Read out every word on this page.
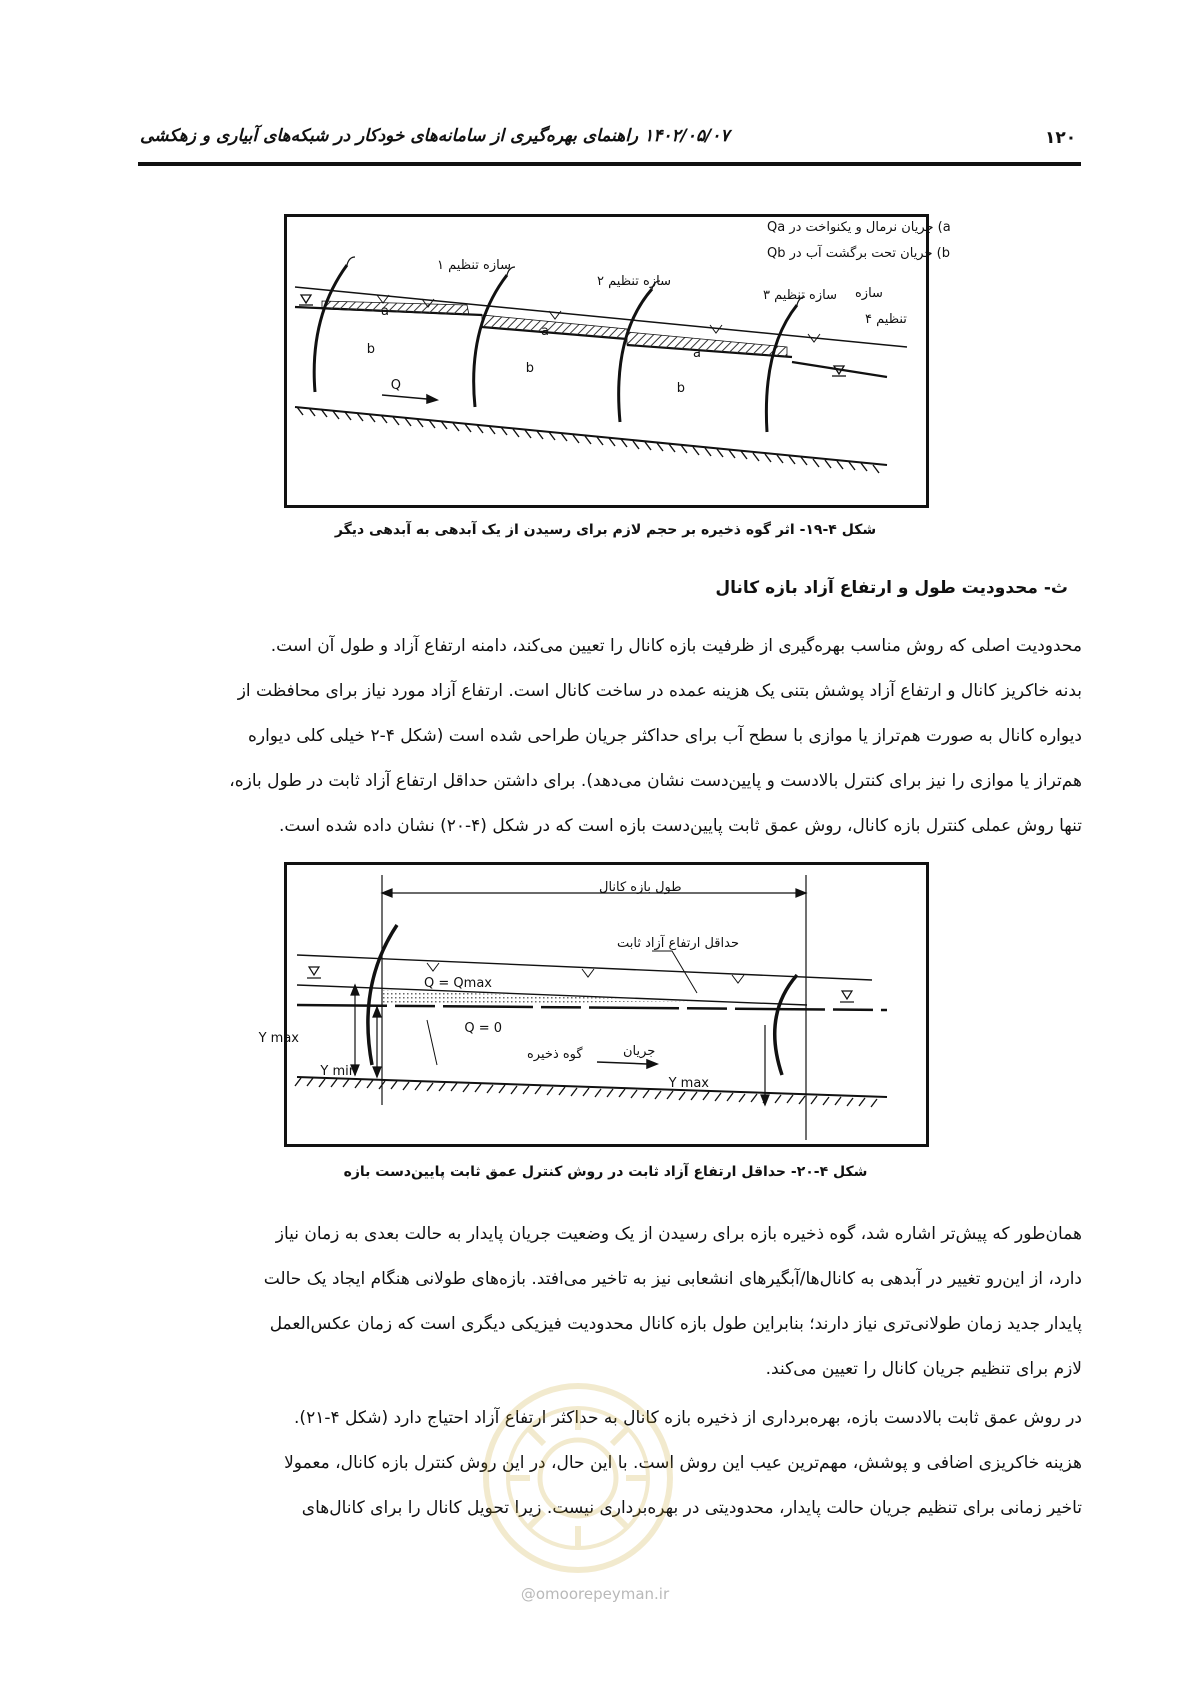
۱۲۰
۱۴۰۲/۰۵/۰۷ راهنمای بهره‌گیری از سامانه‌های خودکار در شبکه‌های آبیاری و زهکشی
a) جریان نرمال و یکنواخت در Qa
b) جریان تحت برگشت آب در Qb
سازه تنظیم ۱
سازه تنظیم ۲
سازه تنظیم ۳ سازه
تنظیم ۴
a
b
a
b
a
b
Q
شکل ۴-۱۹- اثر گوه ذخیره بر حجم لازم برای رسیدن از یک آبدهی به آبدهی دیگر
ث- محدودیت طول و ارتفاع آزاد بازه کانال

محدودیت اصلی که روش مناسب بهره‌گیری از ظرفیت بازه کانال را تعیین می‌کند، دامنه ارتفاع آزاد و طول آن است.

بدنه خاکریز کانال و ارتفاع آزاد پوشش بتنی یک هزینه عمده در ساخت کانال است. ارتفاع آزاد مورد نیاز برای محافظت از

دیواره کانال به صورت هم‌تراز یا موازی با سطح آب برای حداکثر جریان طراحی شده است (شکل ۴-۲ خیلی کلی دیواره

هم‌تراز یا موازی را نیز برای کنترل بالادست و پایین‌دست نشان می‌دهد). برای داشتن حداقل ارتفاع آزاد ثابت در طول بازه،

تنها روش عملی کنترل بازه کانال، روش عمق ثابت پایین‌دست بازه است که در شکل (۴-۲۰) نشان داده شده است.

طول بازه کانال
حداقل ارتفاع آزاد ثابت
Q = Qmax
Q = 0
گوه ذخیره
Y max
Y min
جریان
Y max
شکل ۴-۲۰- حداقل ارتفاع آزاد ثابت در روش کنترل عمق ثابت پایین‌دست بازه

همان‌طور که پیش‌تر اشاره شد، گوه ذخیره بازه برای رسیدن از یک وضعیت جریان پایدار به حالت بعدی به زمان نیاز

دارد، از این‌رو تغییر در آبدهی به کانال‌ها/آبگیرهای انشعابی نیز به تاخیر می‌افتد. بازه‌های طولانی هنگام ایجاد یک حالت

پایدار جدید زمان طولانی‌تری نیاز دارند؛ بنابراین طول بازه کانال محدودیت فیزیکی دیگری است که زمان عکس‌العمل

لازم برای تنظیم جریان کانال را تعیین می‌کند.

در روش عمق ثابت بالادست بازه، بهره‌برداری از ذخیره بازه کانال به حداکثر ارتفاع آزاد احتیاج دارد (شکل ۴-۲۱).

هزینه خاکریزی اضافی و پوشش، مهم‌ترین عیب این روش است. با این حال، در این روش کنترل بازه کانال، معمولا

تاخیر زمانی برای تنظیم جریان حالت پایدار، محدودیتی در بهره‌برداری نیست. زیرا تحویل کانال را برای کانال‌های

@omoorepeyman.ir
